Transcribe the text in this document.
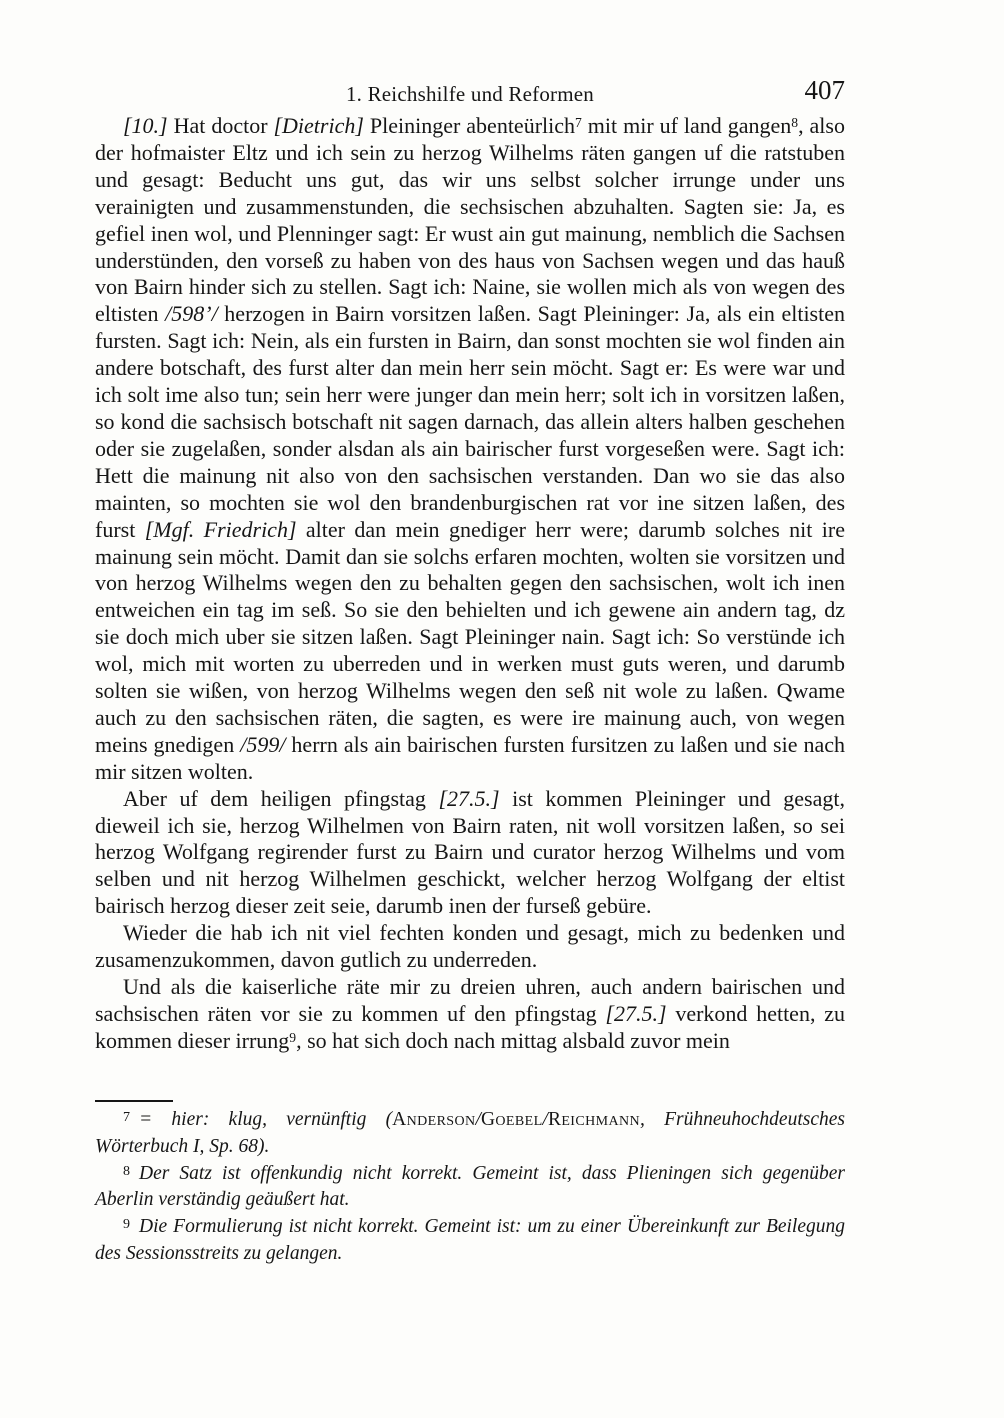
1. Reichshilfe und Reformen	407

[10.] Hat doctor [Dietrich] Pleininger abenteürlich$^7$ mit mir uf land gangen$^8$, also der hofmaister Eltz und ich sein zu herzog Wilhelms räten gangen uf die ratstuben und gesagt: Beducht uns gut, das wir uns selbst solcher irrunge under uns verainigten und zusammenstunden, die sechsischen abzuhalten. Sagten sie: Ja, es gefiel inen wol, und Plenninger sagt: Er wust ain gut mainung, nemblich die Sachsen understünden, den vorseß zu haben von des haus von Sachsen wegen und das hauß von Bairn hinder sich zu stellen. Sagt ich: Naine, sie wollen mich als von wegen des eltisten /598’/ herzogen in Bairn vorsitzen laßen. Sagt Pleininger: Ja, als ein eltisten fursten. Sagt ich: Nein, als ein fursten in Bairn, dan sonst mochten sie wol finden ain andere botschaft, des furst alter dan mein herr sein möcht. Sagt er: Es were war und ich solt ime also tun; sein herr were junger dan mein herr; solt ich in vorsitzen laßen, so kond die sachsisch botschaft nit sagen darnach, das allein alters halben geschehen oder sie zugelaßen, sonder alsdan als ain bairischer furst vorgeseßen were. Sagt ich: Hett die mainung nit also von den sachsischen verstanden. Dan wo sie das also mainten, so mochten sie wol den brandenburgischen rat vor ine sitzen laßen, des furst [Mgf. Friedrich] alter dan mein gnediger herr were; darumb solches nit ire mainung sein möcht. Damit dan sie solchs erfaren mochten, wolten sie vorsitzen und von herzog Wilhelms wegen den zu behalten gegen den sachsischen, wolt ich inen entweichen ein tag im seß. So sie den behielten und ich gewene ain andern tag, dz sie doch mich uber sie sitzen laßen. Sagt Pleininger nain. Sagt ich: So verstünde ich wol, mich mit worten zu uberreden und in werken must guts weren, und darumb solten sie wißen, von herzog Wilhelms wegen den seß nit wole zu laßen. Qwame auch zu den sachsischen räten, die sagten, es were ire mainung auch, von wegen meins gnedigen /599/ herrn als ain bairischen fursten fursitzen zu laßen und sie nach mir sitzen wolten.

Aber uf dem heiligen pfingstag [27.5.] ist kommen Pleininger und gesagt, dieweil ich sie, herzog Wilhelmen von Bairn raten, nit woll vorsitzen laßen, so sei herzog Wolfgang regirender furst zu Bairn und curator herzog Wilhelms und vom selben und nit herzog Wilhelmen geschickt, welcher herzog Wolfgang der eltist bairisch herzog dieser zeit seie, darumb inen der furseß gebüre.

Wieder die hab ich nit viel fechten konden und gesagt, mich zu bedenken und zusamenzukommen, davon gutlich zu underreden.

Und als die kaiserliche räte mir zu dreien uhren, auch andern bairischen und sachsischen räten vor sie zu kommen uf den pfingstag [27.5.] verkond hetten, zu kommen dieser irrung$^9$, so hat sich doch nach mittag alsbald zuvor mein

$^7$ = hier: klug, vernünftig (Anderson/Goebel/Reichmann, Frühneuhochdeutsches Wörterbuch I, Sp. 68).

$^8$ Der Satz ist offenkundig nicht korrekt. Gemeint ist, dass Plieningen sich gegenüber Aberlin verständig geäußert hat.

$^9$ Die Formulierung ist nicht korrekt. Gemeint ist: um zu einer Übereinkunft zur Beilegung des Sessionsstreits zu gelangen.
